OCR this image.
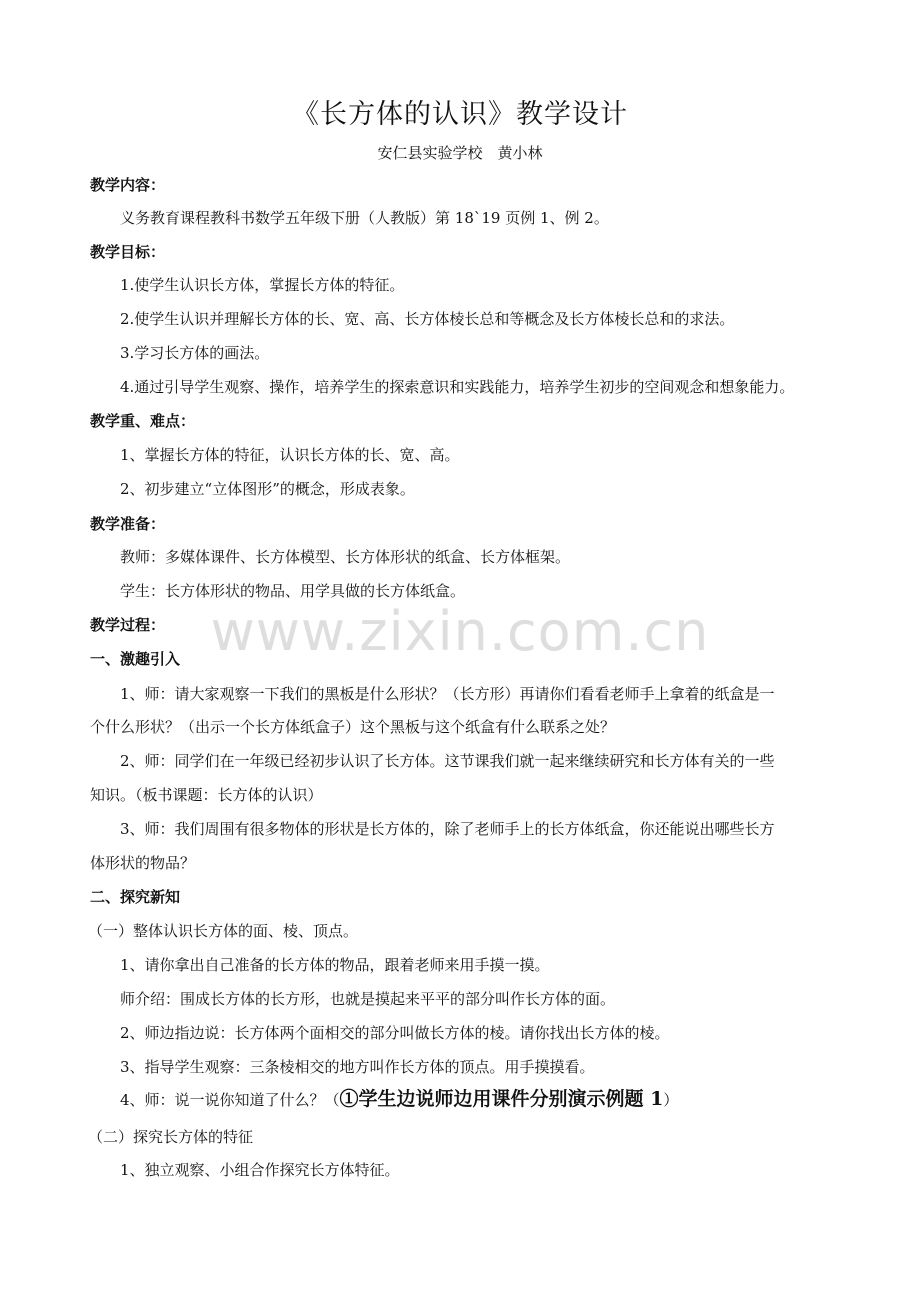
www.zixin.com.cn
《长方体的认识》教学设计
安仁县实验学校　黄小林
教学内容：
义务教育课程教科书数学五年级下册（人教版）第 18`19 页例 1、例 2。
教学目标：
1.使学生认识长方体，掌握长方体的特征。
2.使学生认识并理解长方体的长、宽、高、长方体棱长总和等概念及长方体棱长总和的求法。
3.学习长方体的画法。
4.通过引导学生观察、操作，培养学生的探索意识和实践能力，培养学生初步的空间观念和想象能力。
教学重、难点：
1、掌握长方体的特征，认识长方体的长、宽、高。
2、初步建立“立体图形”的概念，形成表象。
教学准备：
教师：多媒体课件、长方体模型、长方体形状的纸盒、长方体框架。
学生：长方体形状的物品、用学具做的长方体纸盒。
教学过程：
一、激趣引入
1、师：请大家观察一下我们的黑板是什么形状？（长方形）再请你们看看老师手上拿着的纸盒是一
个什么形状？（出示一个长方体纸盒子）这个黑板与这个纸盒有什么联系之处？
2、师：同学们在一年级已经初步认识了长方体。这节课我们就一起来继续研究和长方体有关的一些
知识。（板书课题：长方体的认识）
3、师：我们周围有很多物体的形状是长方体的，除了老师手上的长方体纸盒，你还能说出哪些长方
体形状的物品？
二、探究新知
（一）整体认识长方体的面、棱、顶点。
1、请你拿出自己准备的长方体的物品，跟着老师来用手摸一摸。
师介绍：围成长方体的长方形，也就是摸起来平平的部分叫作长方体的面。
2、师边指边说：长方体两个面相交的部分叫做长方体的棱。请你找出长方体的棱。
3、指导学生观察：三条棱相交的地方叫作长方体的顶点。用手摸摸看。
4、师：说一说你知道了什么？（①学生边说师边用课件分别演示例题 1）
（二）探究长方体的特征
1、独立观察、小组合作探究长方体特征。
